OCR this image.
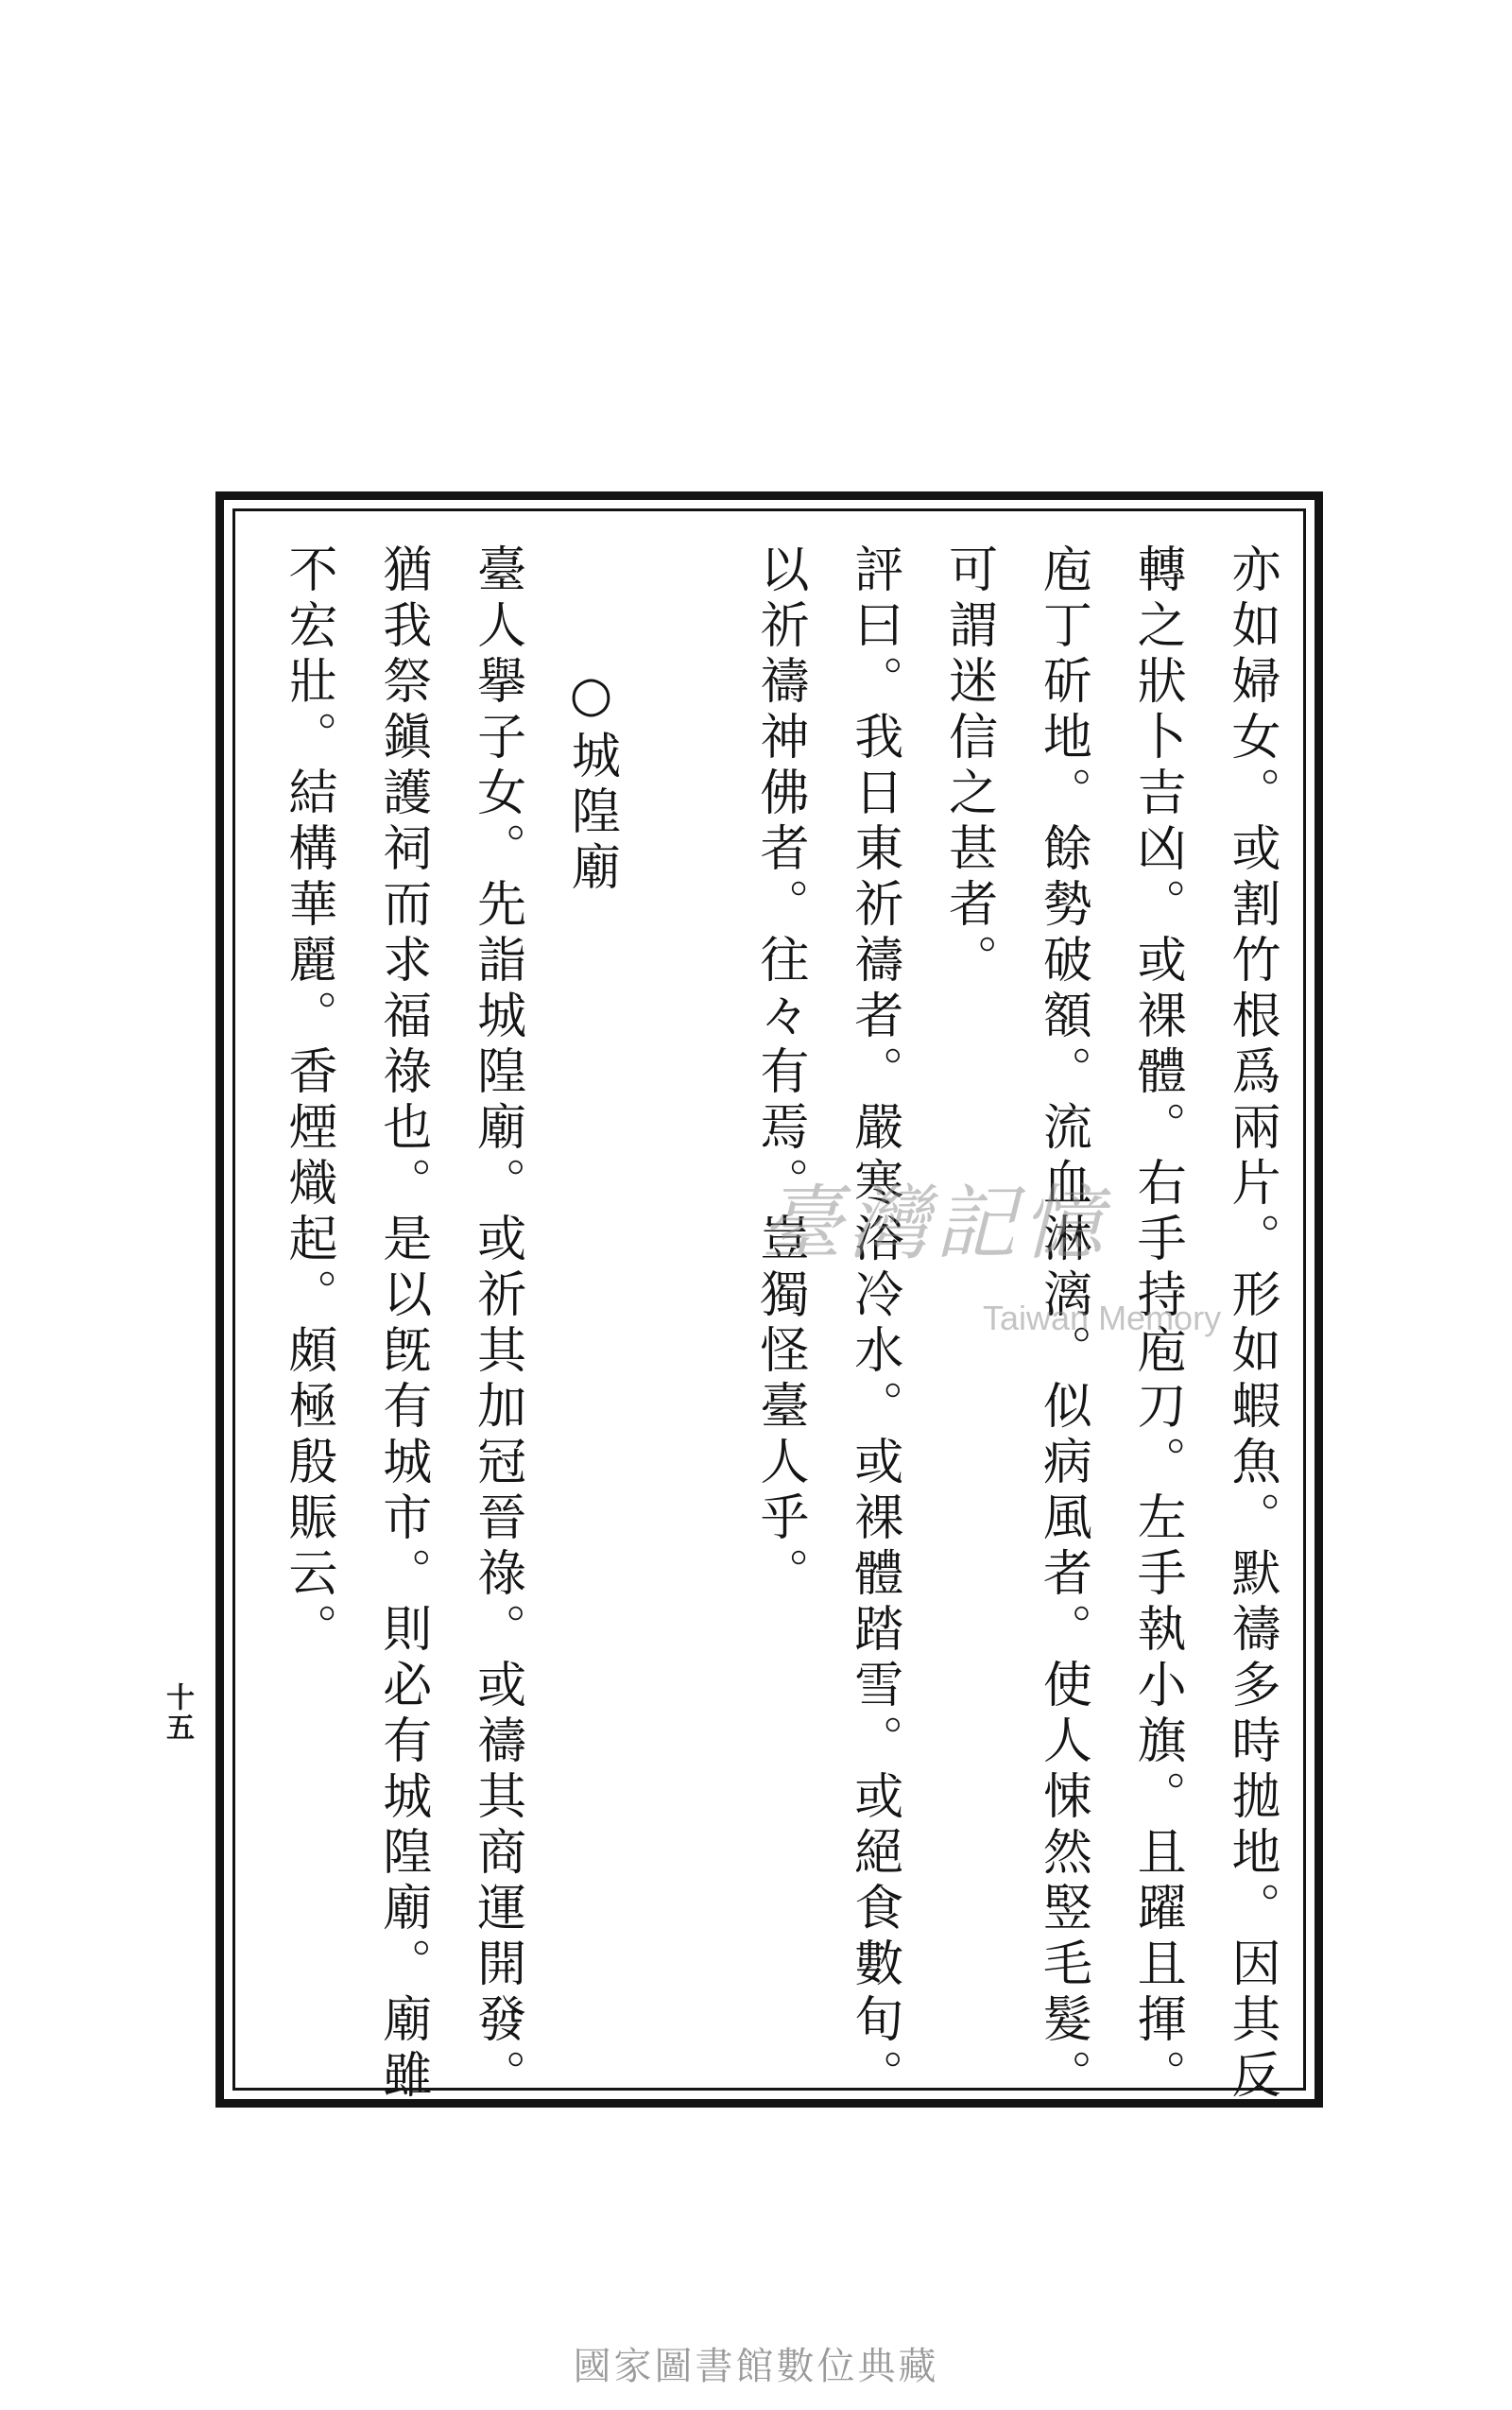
亦如婦女。或割竹根爲兩片。形如蝦魚。默禱多時拋地。因其反
轉之狀卜吉凶。或裸體。右手持庖刀。左手執小旗。且躍且揮。
庖丁斫地。餘勢破額。流血淋漓。似病風者。使人悚然竪毛髮。
可謂迷信之甚者。
評曰。我日東祈禱者。嚴寒浴冷水。或裸體踏雪。或絕食數旬。
以祈禱神佛者。往々有焉。豈獨怪臺人乎。
○城隍廟
臺人擧子女。先詣城隍廟。或祈其加冠晉祿。或禱其商運開發。
猶我祭鎭護祠而求福祿也。是以旣有城市。則必有城隍廟。廟雖
不宏壯。結構華麗。香煙熾起。頗極殷賑云。
十五
臺灣記憶
Taiwan Memory
國家圖書館數位典藏
